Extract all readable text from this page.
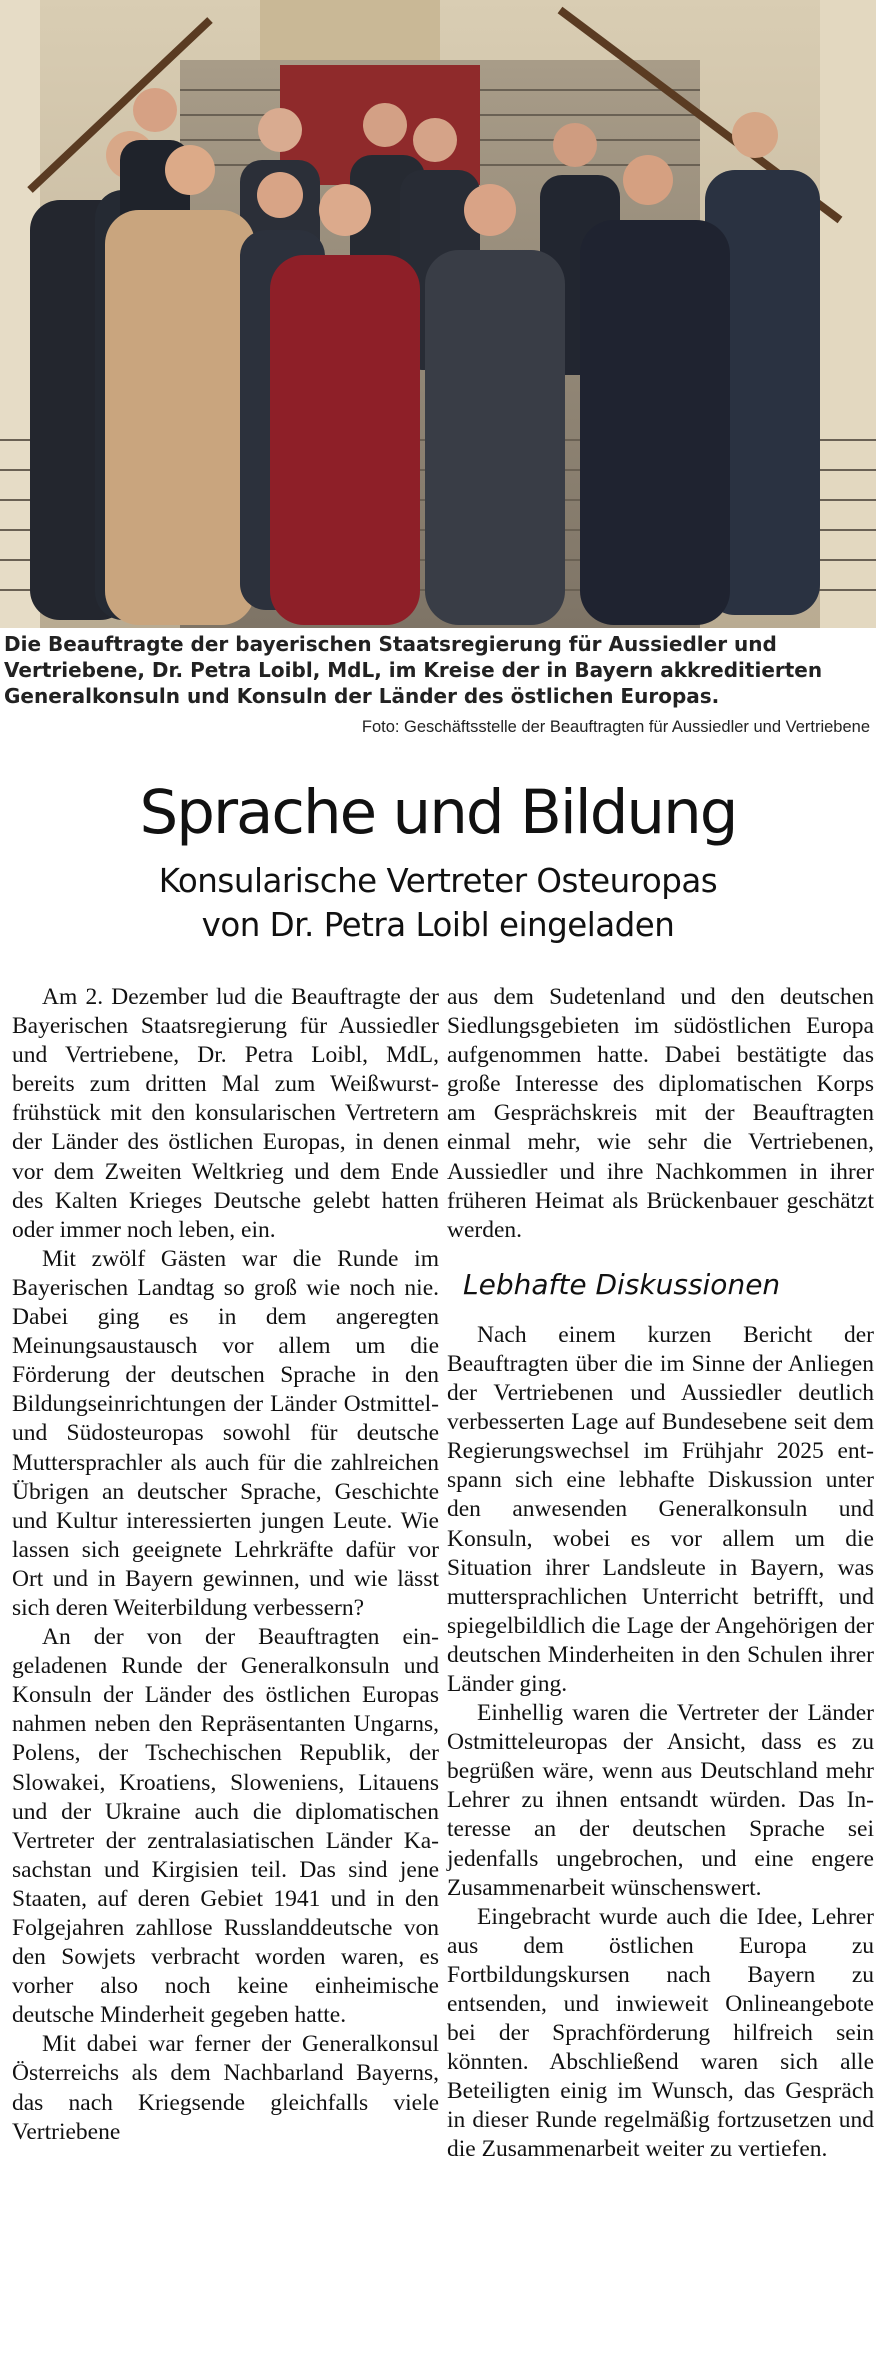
Die Beauftragte der bayerischen Staatsregierung für Aussiedler und Vertriebene, Dr. Petra Loibl, MdL, im Kreise der in Bayern akkreditierten Generalkonsuln und Konsuln der Länder des östlichen Europas.
Foto: Geschäftsstelle der Beauftragten für Aussiedler und Vertriebene
Sprache und Bildung
Konsularische Vertreter Osteuropas
von Dr. Petra Loibl eingeladen

Am 2. Dezember lud die Beauftragte der Bayerischen Staatsregierung für Aussiedler und Vertriebene, Dr. Petra Loibl, MdL, bereits zum dritten Mal zum Weißwurstfrühstück mit den konsularischen Vertretern der Länder des östlichen Europas, in denen vor dem Zweiten Weltkrieg und dem Ende des Kalten Krieges Deutsche gelebt hatten oder immer noch leben, ein.

Mit zwölf Gästen war die Runde im Bayerischen Landtag so groß wie noch nie. Dabei ging es in dem angeregten Meinungsaustausch vor allem um die Förderung der deutschen Sprache in den Bildungseinrichtungen der Länder Ostmittel- und Südosteuropas sowohl für deutsche Muttersprachler als auch für die zahlreichen Übrigen an deutscher Sprache, Geschichte und Kultur interessierten jungen Leute. Wie lassen sich geeignete Lehrkräfte dafür vor Ort und in Bayern gewinnen, und wie lässt sich deren Weiterbildung verbessern?

An der von der Beauftragten eingeladenen Runde der Generalkonsuln und Konsuln der Länder des östlichen Europas nahmen neben den Repräsentanten Ungarns, Polens, der Tschechischen Republik, der Slowakei, Kroatiens, Sloweniens, Litauens und der Ukraine auch die diplomatischen Vertreter der zentralasiatischen Länder Kasachstan und Kirgisien teil. Das sind jene Staaten, auf deren Gebiet 1941 und in den Folgejahren zahllose Russlanddeutsche von den Sowjets verbracht worden waren, es vorher also noch keine einheimische deutsche Minderheit gegeben hatte.

Mit dabei war ferner der Generalkonsul Österreichs als dem Nachbarland Bayerns, das nach Kriegsende gleichfalls viele Vertriebene

aus dem Sudetenland und den deutschen Siedlungsgebieten im südöstlichen Europa aufgenommen hatte. Dabei bestätigte das große Interesse des diplomatischen Korps am Gesprächskreis mit der Beauftragten einmal mehr, wie sehr die Vertriebenen, Aussiedler und ihre Nachkommen in ihrer früheren Heimat als Brückenbauer geschätzt werden.

Lebhafte Diskussionen

Nach einem kurzen Bericht der Beauftragten über die im Sinne der Anliegen der Vertriebenen und Aussiedler deutlich verbesserten Lage auf Bundesebene seit dem Regierungswechsel im Frühjahr 2025 entspann sich eine lebhafte Diskussion unter den anwesenden Generalkonsuln und Konsuln, wobei es vor allem um die Situation ihrer Landsleute in Bayern, was muttersprachlichen Unterricht betrifft, und spiegelbildlich die Lage der Angehörigen der deutschen Minderheiten in den Schulen ihrer Länder ging.

Einhellig waren die Vertreter der Länder Ostmitteleuropas der Ansicht, dass es zu begrüßen wäre, wenn aus Deutschland mehr Lehrer zu ihnen entsandt würden. Das Interesse an der deutschen Sprache sei jedenfalls ungebrochen, und eine engere Zusammenarbeit wünschenswert.

Eingebracht wurde auch die Idee, Lehrer aus dem östlichen Europa zu Fortbildungskursen nach Bayern zu entsenden, und inwieweit Onlineangebote bei der Sprachförderung hilfreich sein könnten. Abschließend waren sich alle Beteiligten einig im Wunsch, das Gespräch in dieser Runde regelmäßig fortzusetzen und die Zusammenarbeit weiter zu vertiefen.
